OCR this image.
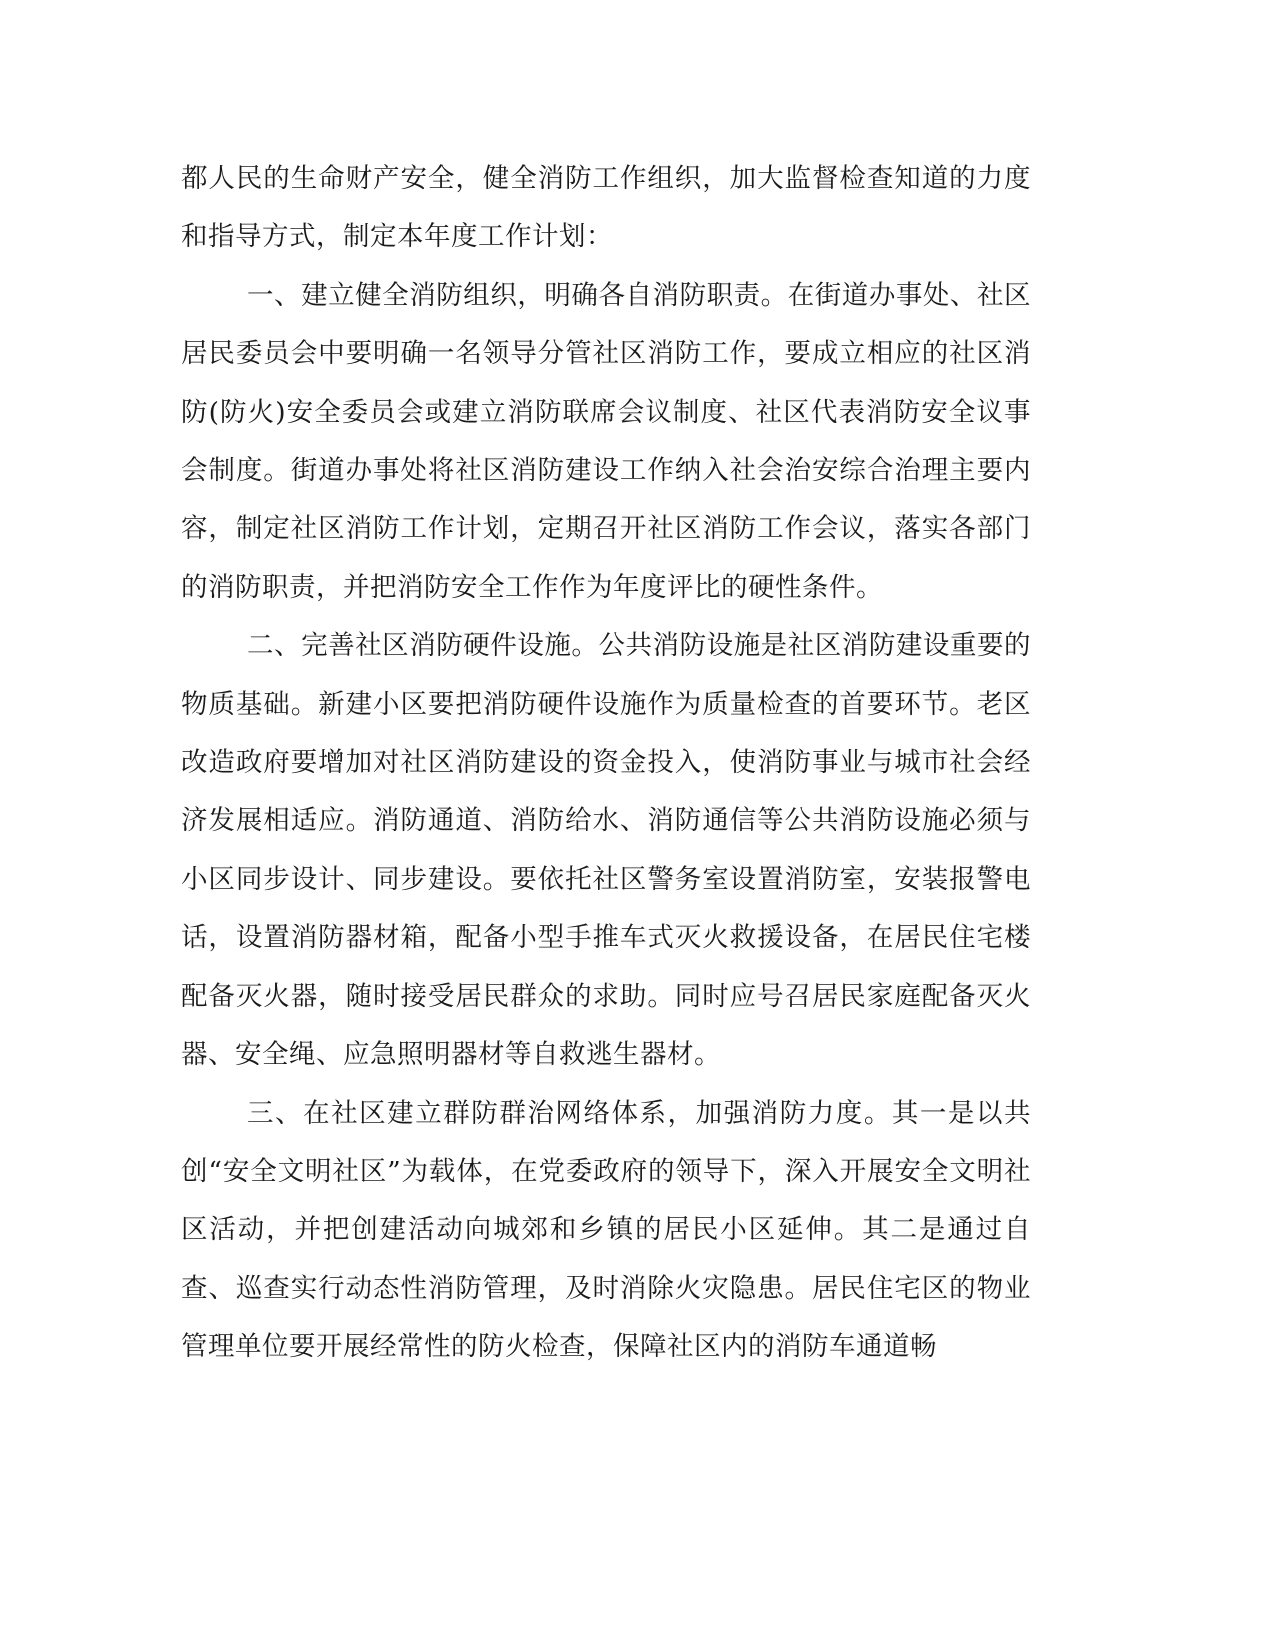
都人民的生命财产安全，健全消防工作组织，加大监督检查知道的力度和指导方式，制定本年度工作计划：

一、建立健全消防组织，明确各自消防职责。在街道办事处、社区居民委员会中要明确一名领导分管社区消防工作，要成立相应的社区消防(防火)安全委员会或建立消防联席会议制度、社区代表消防安全议事会制度。街道办事处将社区消防建设工作纳入社会治安综合治理主要内容，制定社区消防工作计划，定期召开社区消防工作会议，落实各部门的消防职责，并把消防安全工作作为年度评比的硬性条件。

二、完善社区消防硬件设施。公共消防设施是社区消防建设重要的物质基础。新建小区要把消防硬件设施作为质量检查的首要环节。老区改造政府要增加对社区消防建设的资金投入，使消防事业与城市社会经济发展相适应。消防通道、消防给水、消防通信等公共消防设施必须与小区同步设计、同步建设。要依托社区警务室设置消防室，安装报警电话，设置消防器材箱，配备小型手推车式灭火救援设备，在居民住宅楼配备灭火器，随时接受居民群众的求助。同时应号召居民家庭配备灭火器、安全绳、应急照明器材等自救逃生器材。

三、在社区建立群防群治网络体系，加强消防力度。其一是以共创“安全文明社区”为载体，在党委政府的领导下，深入开展安全文明社区活动，并把创建活动向城郊和乡镇的居民小区延伸。其二是通过自查、巡查实行动态性消防管理，及时消除火灾隐患。居民住宅区的物业管理单位要开展经常性的防火检查，保障社区内的消防车通道畅
